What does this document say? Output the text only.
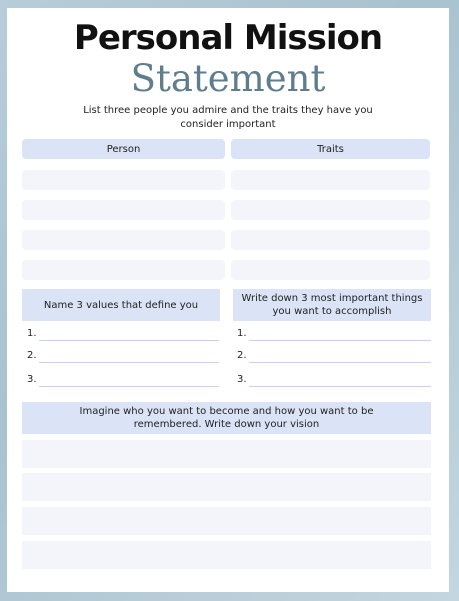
Personal Mission
Statement
List three people you admire and the traits they have you consider important
Person	Traits
Name 3 values that define you
1.
2.
3.
Write down 3 most important things you want to accomplish
1.
2.
3.
Imagine who you want to become and how you want to be remembered. Write down your vision
